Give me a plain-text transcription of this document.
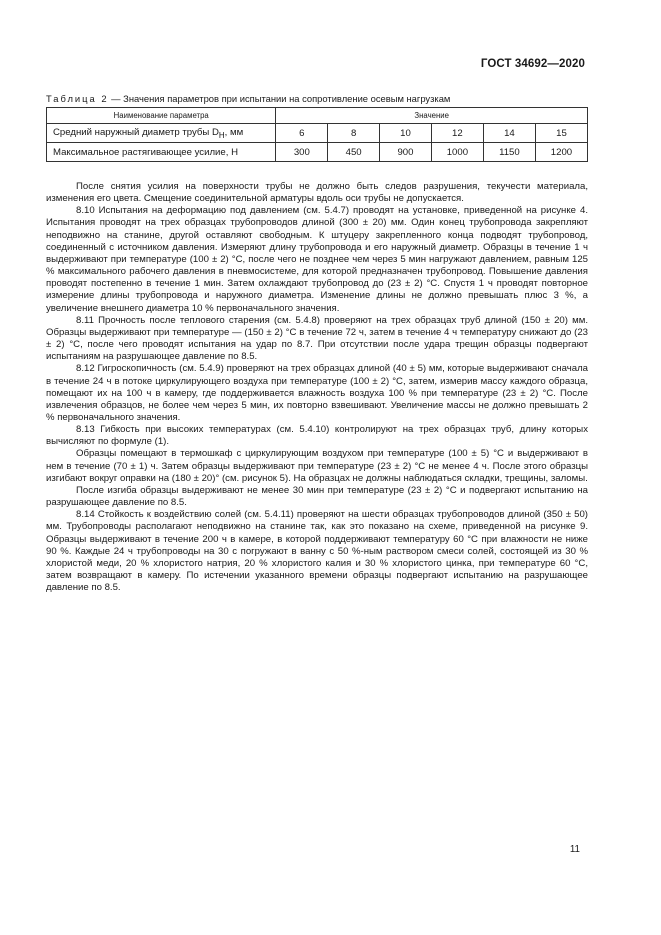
ГОСТ 34692—2020
Таблица 2 — Значения параметров при испытании на сопротивление осевым нагрузкам
Наименование параметра	Значение					
Средний наружный диаметр трубы $D_Н$, мм	6	8	10	12	14	15
Максимальное растягивающее усилие, Н	300	450	900	1000	1150	1200

После снятия усилия на поверхности трубы не должно быть следов разрушения, текучести материала, изменения его цвета. Смещение соединительной арматуры вдоль оси трубы не допускается.

8.10 Испытания на деформацию под давлением (см. 5.4.7) проводят на установке, приведенной на рисунке 4. Испытания проводят на трех образцах трубопроводов длиной (300 ± 20) мм. Один конец трубопровода закрепляют неподвижно на станине, другой оставляют свободным. К штуцеру закрепленного конца подводят трубопровод, соединенный с источником давления. Измеряют длину трубопровода и его наружный диаметр. Образцы в течение 1 ч выдерживают при температуре (100 ± 2) °С, после чего не позднее чем через 5 мин нагружают давлением, равным 125 % максимального рабочего давления в пневмосистеме, для которой предназначен трубопровод. Повышение давления проводят постепенно в течение 1 мин. Затем охлаждают трубопровод до (23 ± 2) °С. Спустя 1 ч проводят повторное измерение длины трубопровода и наружного диаметра. Изменение длины не должно превышать плюс 3 %, а увеличение внешнего диаметра 10 % первоначального значения.

8.11 Прочность после теплового старения (см. 5.4.8) проверяют на трех образцах труб длиной (150 ± 20) мм. Образцы выдерживают при температуре — (150 ± 2) °С в течение 72 ч, затем в течение 4 ч температуру снижают до (23 ± 2) °С, после чего проводят испытания на удар по 8.7. При отсутствии после удара трещин образцы подвергают испытаниям на разрушающее давление по 8.5.

8.12 Гигроскопичность (см. 5.4.9) проверяют на трех образцах длиной (40 ± 5) мм, которые выдерживают сначала в течение 24 ч в потоке циркулирующего воздуха при температуре (100 ± 2) °С, затем, измерив массу каждого образца, помещают их на 100 ч в камеру, где поддерживается влажность воздуха 100 % при температуре (23 ± 2) °С. После извлечения образцов, не более чем через 5 мин, их повторно взвешивают. Увеличение массы не должно превышать 2 % первоначального значения.

8.13 Гибкость при высоких температурах (см. 5.4.10) контролируют на трех образцах труб, длину которых вычисляют по формуле (1).

Образцы помещают в термошкаф с циркулирующим воздухом при температуре (100 ± 5) °С и выдерживают в нем в течение (70 ± 1) ч. Затем образцы выдерживают при температуре (23 ± 2) °С не менее 4 ч. После этого образцы изгибают вокруг оправки на (180 ± 20)° (см. рисунок 5). На образцах не должны наблюдаться складки, трещины, заломы.

После изгиба образцы выдерживают не менее 30 мин при температуре (23 ± 2) °С и подвергают испытанию на разрушающее давление по 8.5.

8.14 Стойкость к воздействию солей (см. 5.4.11) проверяют на шести образцах трубопроводов длиной (350 ± 50) мм. Трубопроводы располагают неподвижно на станине так, как это показано на схеме, приведенной на рисунке 9. Образцы выдерживают в течение 200 ч в камере, в которой поддерживают температуру 60 °С при влажности не ниже 90 %. Каждые 24 ч трубопроводы на 30 с погружают в ванну с 50 %-ным раствором смеси солей, состоящей из 30 % хлористой меди, 20 % хлористого натрия, 20 % хлористого калия и 30 % хлористого цинка, при температуре 60 °С, затем возвращают в камеру. По истечении указанного времени образцы подвергают испытанию на разрушающее давление по 8.5.

11
